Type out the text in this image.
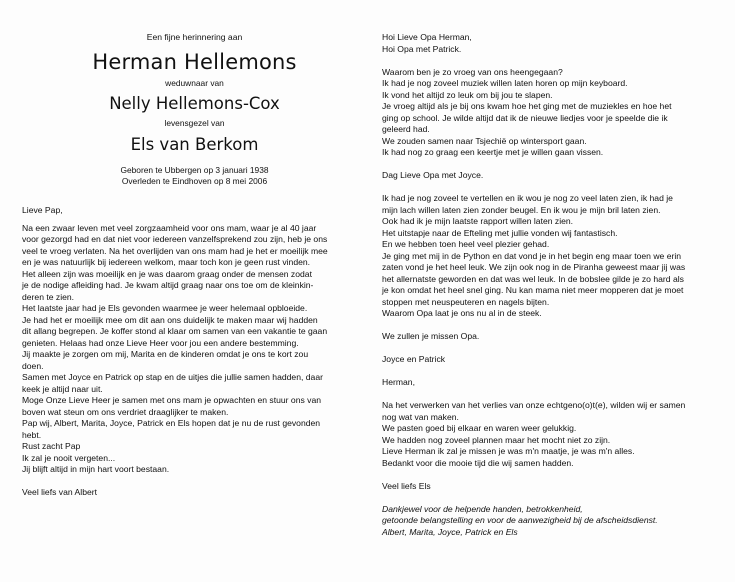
Een fijne herinnering aan
Herman Hellemons
weduwnaar van
Nelly Hellemons-Cox
levensgezel van
Els van Berkom
Geboren te Ubbergen op 3 januari 1938
Overleden te Eindhoven op 8 mei 2006
Lieve Pap,

Na een zwaar leven met veel zorgzaamheid voor ons mam, waar je al 40 jaar
voor gezorgd had en dat niet voor iedereen vanzelfsprekend zou zijn, heb je ons
veel te vroeg verlaten. Na het overlijden van ons mam had je het er moeilijk mee
en je was natuurlijk bij iedereen welkom, maar toch kon je geen rust vinden.
Het alleen zijn was moeilijk en je was daarom graag onder de mensen zodat
je de nodige afleiding had. Je kwam altijd graag naar ons toe om de kleinkin-
deren te zien.

Het laatste jaar had je Els gevonden waarmee je weer helemaal opbloeide.
Je had het er moeilijk mee om dit aan ons duidelijk te maken maar wij hadden
dit allang begrepen. Je koffer stond al klaar om samen van een vakantie te gaan
genieten. Helaas had onze Lieve Heer voor jou een andere bestemming.
Jij maakte je zorgen om mij, Marita en de kinderen omdat je ons te kort zou
doen.

Samen met Joyce en Patrick op stap en de uitjes die jullie samen hadden, daar
keek je altijd naar uit.

Moge Onze Lieve Heer je samen met ons mam je opwachten en stuur ons van
boven wat steun om ons verdriet draaglijker te maken.
Pap wij, Albert, Marita, Joyce, Patrick en Els hopen dat je nu de rust gevonden
hebt.

Rust zacht Pap
Ik zal je nooit vergeten...
Jij blijft altijd in mijn hart voort bestaan.

Veel liefs van Albert

Hoi Lieve Opa Herman,
Hoi Opa met Patrick.

Waarom ben je zo vroeg van ons heengegaan?
Ik had je nog zoveel muziek willen laten horen op mijn keyboard.
Ik vond het altijd zo leuk om bij jou te slapen.
Je vroeg altijd als je bij ons kwam hoe het ging met de muziekles en hoe het
ging op school. Je wilde altijd dat ik de nieuwe liedjes voor je speelde die ik
geleerd had.
We zouden samen naar Tsjechië op wintersport gaan.
Ik had nog zo graag een keertje met je willen gaan vissen.

Dag Lieve Opa met Joyce.

Ik had je nog zoveel te vertellen en ik wou je nog zo veel laten zien, ik had je
mijn lach willen laten zien zonder beugel. En ik wou je mijn bril laten zien.
Ook had ik je mijn laatste rapport willen laten zien.
Het uitstapje naar de Efteling met jullie vonden wij fantastisch.
En we hebben toen heel veel plezier gehad.
Je ging met mij in de Python en dat vond je in het begin eng maar toen we erin
zaten vond je het heel leuk. We zijn ook nog in de Piranha geweest maar jij was
het allernatste geworden en dat was wel leuk. In de bobslee gilde je zo hard als
je kon omdat het heel snel ging. Nu kan mama niet meer mopperen dat je moet
stoppen met neuspeuteren en nagels bijten.
Waarom Opa laat je ons nu al in de steek.

We zullen je missen Opa.

Joyce en Patrick

Herman,

Na het verwerken van het verlies van onze echtgeno(o)t(e), wilden wij er samen
nog wat van maken.
We pasten goed bij elkaar en waren weer gelukkig.
We hadden nog zoveel plannen maar het mocht niet zo zijn.
Lieve Herman ik zal je missen je was m'n maatje, je was m'n alles.
Bedankt voor die mooie tijd die wij samen hadden.

Veel liefs Els

Dankjewel voor de helpende handen, betrokkenheid,
getoonde belangstelling en voor de aanwezigheid bij de afscheidsdienst.
Albert, Marita, Joyce, Patrick en Els
